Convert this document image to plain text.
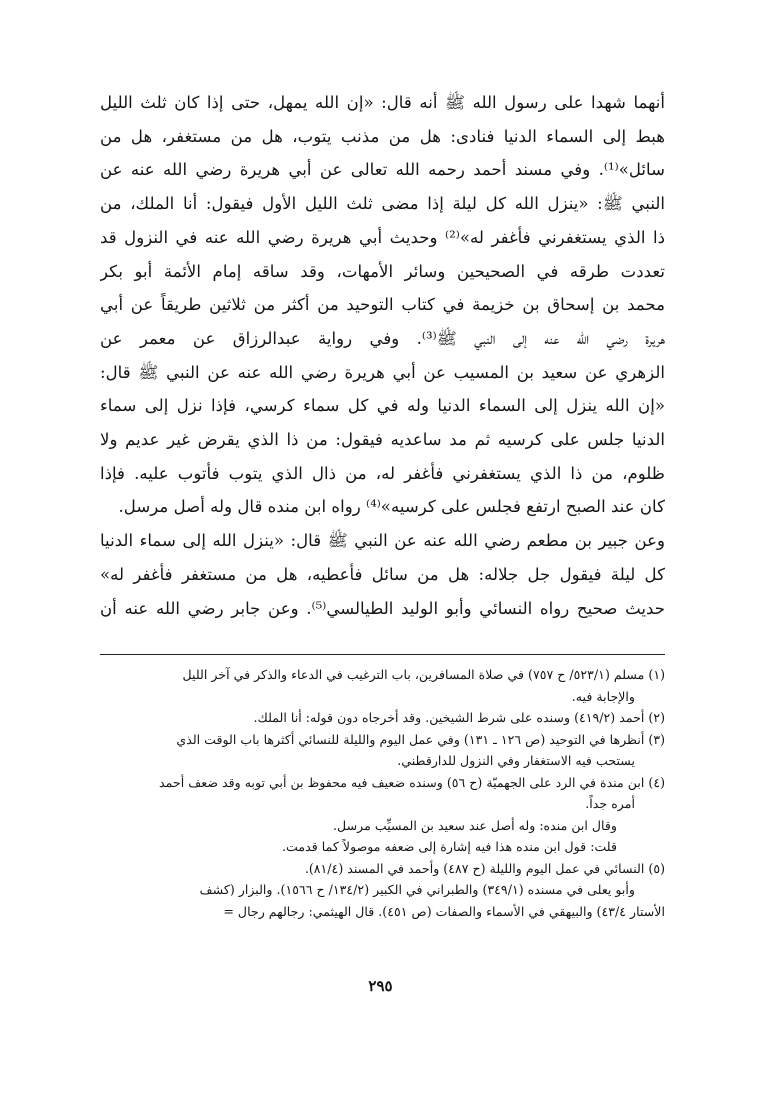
أنهما شهدا على رسول الله ﷺ أنه قال: «إن الله يمهل، حتى إذا كان ثلث الليل
هبط إلى السماء الدنيا فنادى: هل من مذنب يتوب، هل من مستغفر، هل من
سائل»⁽¹⁾. وفي مسند أحمد رحمه الله تعالى عن أبي هريرة رضي الله عنه عن
النبي ﷺ: «ينزل الله كل ليلة إذا مضى ثلث الليل الأول فيقول: أنا الملك، من
ذا الذي يستغفرني فأغفر له»⁽²⁾ وحديث أبي هريرة رضي الله عنه في النزول قد
تعددت طرقه في الصحيحين وسائر الأمهات، وقد ساقه إمام الأئمة أبو بكر
محمد بن إسحاق بن خزيمة في كتاب التوحيد من أكثر من ثلاثين طريقاً عن أبي
هريرة رضي الله عنه إلى النبي ﷺ⁽³⁾. وفي رواية عبدالرزاق عن معمر عن
الزهري عن سعيد بن المسيب عن أبي هريرة رضي الله عنه عن النبي ﷺ قال:
«إن الله ينزل إلى السماء الدنيا وله في كل سماء كرسي، فإذا نزل إلى سماء
الدنيا جلس على كرسيه ثم مد ساعديه فيقول: من ذا الذي يقرض غير عديم ولا
ظلوم، من ذا الذي يستغفرني فأغفر له، من ذال الذي يتوب فأتوب عليه. فإذا
كان عند الصبح ارتفع فجلس على كرسيه»⁽⁴⁾ رواه ابن منده قال وله أصل مرسل.
وعن جبير بن مطعم رضي الله عنه عن النبي ﷺ قال: «ينزل الله إلى سماء الدنيا
كل ليلة فيقول جل جلاله: هل من سائل فأعطيه، هل من مستغفر فأغفر له»
حديث صحيح رواه النسائي وأبو الوليد الطيالسي⁽⁵⁾. وعن جابر رضي الله عنه أن
(١) مسلم (٥٢٣/١/ ح ٧٥٧) في صلاة المسافرين، باب الترغيب في الدعاء والذكر في آخر الليل
والإجابة فيه.
(٢) أحمد (٤١٩/٢) وسنده على شرط الشيخين. وقد أخرجاه دون قوله: أنا الملك.
(٣) أنظرها في التوحيد (ص ١٢٦ ـ ١٣١) وفي عمل اليوم والليلة للنسائي أكثرها باب الوقت الذي
يستحب فيه الاستغفار وفي النزول للدارقطني.
(٤) ابن مندة في الرد على الجهميّة (ح ٥٦) وسنده ضعيف فيه محفوظ بن أبي توبه وقد ضعف أحمد
أمره جداً.
وقال ابن منده: وله أصل عند سعيد بن المسيِّب مرسل.
قلت: قول ابن منده هذا فيه إشارة إلى ضعفه موصولاً كما قدمت.
(٥) النسائي في عمل اليوم والليلة (ح ٤٨٧) وأحمد في المسند (٨١/٤).
وأبو يعلى في مسنده (٣٤٩/١) والطبراني في الكبير (١٣٤/٢/ ح ١٥٦٦). والبزار (كشف
الأستار ٤٣/٤) والبيهقي في الأسماء والصفات (ص ٤٥١). قال الهيثمي: رجالهم رجال =
٢٩٥
